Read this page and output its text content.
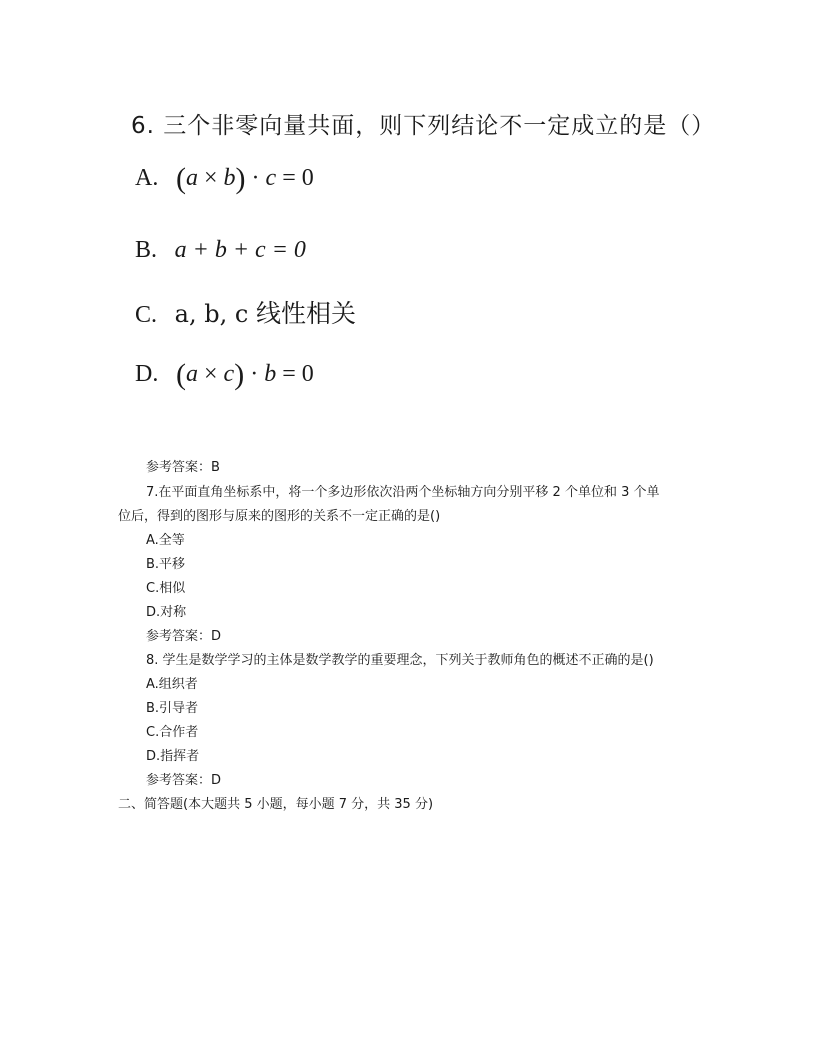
6. 三个非零向量共面，则下列结论不一定成立的是（）
A. (a × b) · c = 0
B. a + b + c = 0
C. a, b, c 线性相关
D. (a × c) · b = 0
参考答案：B
7.在平面直角坐标系中，将一个多边形依次沿两个坐标轴方向分别平移 2 个单位和 3 个单
位后，得到的图形与原来的图形的关系不一定正确的是()
A.全等
B.平移
C.相似
D.对称
参考答案：D
8. 学生是数学学习的主体是数学教学的重要理念，下列关于教师角色的概述不正确的是()
A.组织者
B.引导者
C.合作者
D.指挥者
参考答案：D
二、简答题(本大题共 5 小题，每小题 7 分，共 35 分)
